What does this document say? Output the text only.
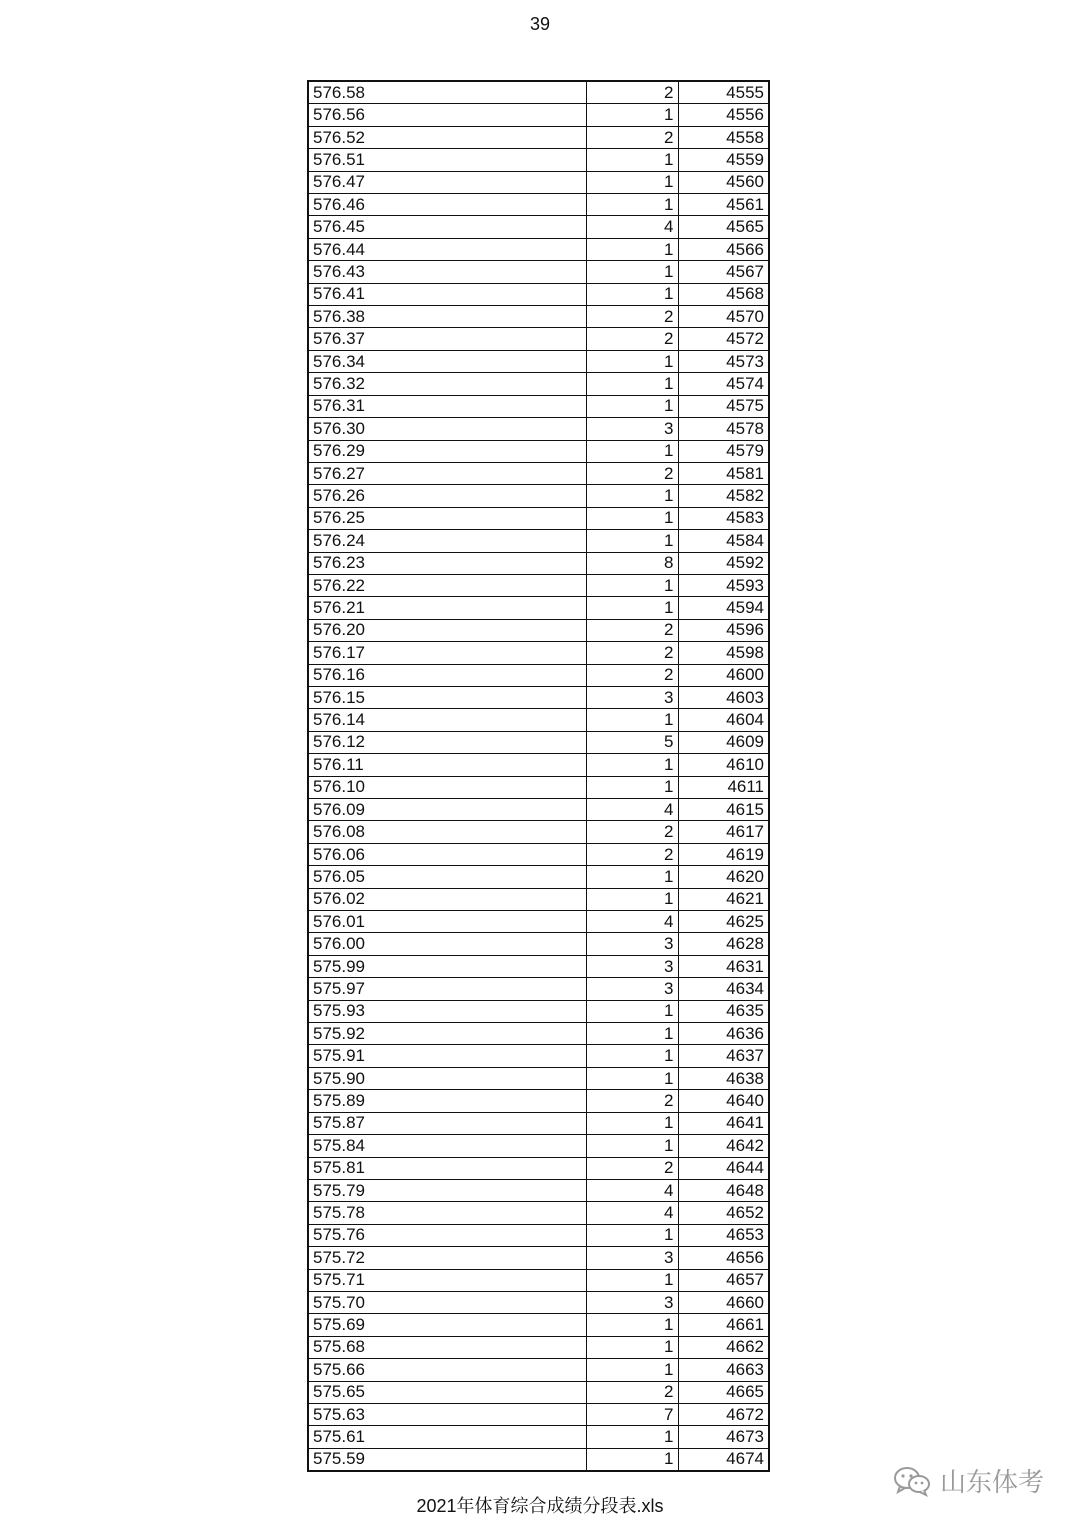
39
576.58	2	4555
576.56	1	4556
576.52	2	4558
576.51	1	4559
576.47	1	4560
576.46	1	4561
576.45	4	4565
576.44	1	4566
576.43	1	4567
576.41	1	4568
576.38	2	4570
576.37	2	4572
576.34	1	4573
576.32	1	4574
576.31	1	4575
576.30	3	4578
576.29	1	4579
576.27	2	4581
576.26	1	4582
576.25	1	4583
576.24	1	4584
576.23	8	4592
576.22	1	4593
576.21	1	4594
576.20	2	4596
576.17	2	4598
576.16	2	4600
576.15	3	4603
576.14	1	4604
576.12	5	4609
576.11	1	4610
576.10	1	4611
576.09	4	4615
576.08	2	4617
576.06	2	4619
576.05	1	4620
576.02	1	4621
576.01	4	4625
576.00	3	4628
575.99	3	4631
575.97	3	4634
575.93	1	4635
575.92	1	4636
575.91	1	4637
575.90	1	4638
575.89	2	4640
575.87	1	4641
575.84	1	4642
575.81	2	4644
575.79	4	4648
575.78	4	4652
575.76	1	4653
575.72	3	4656
575.71	1	4657
575.70	3	4660
575.69	1	4661
575.68	1	4662
575.66	1	4663
575.65	2	4665
575.63	7	4672
575.61	1	4673
575.59	1	4674
山东体考
2021年体育综合成绩分段表.xls
